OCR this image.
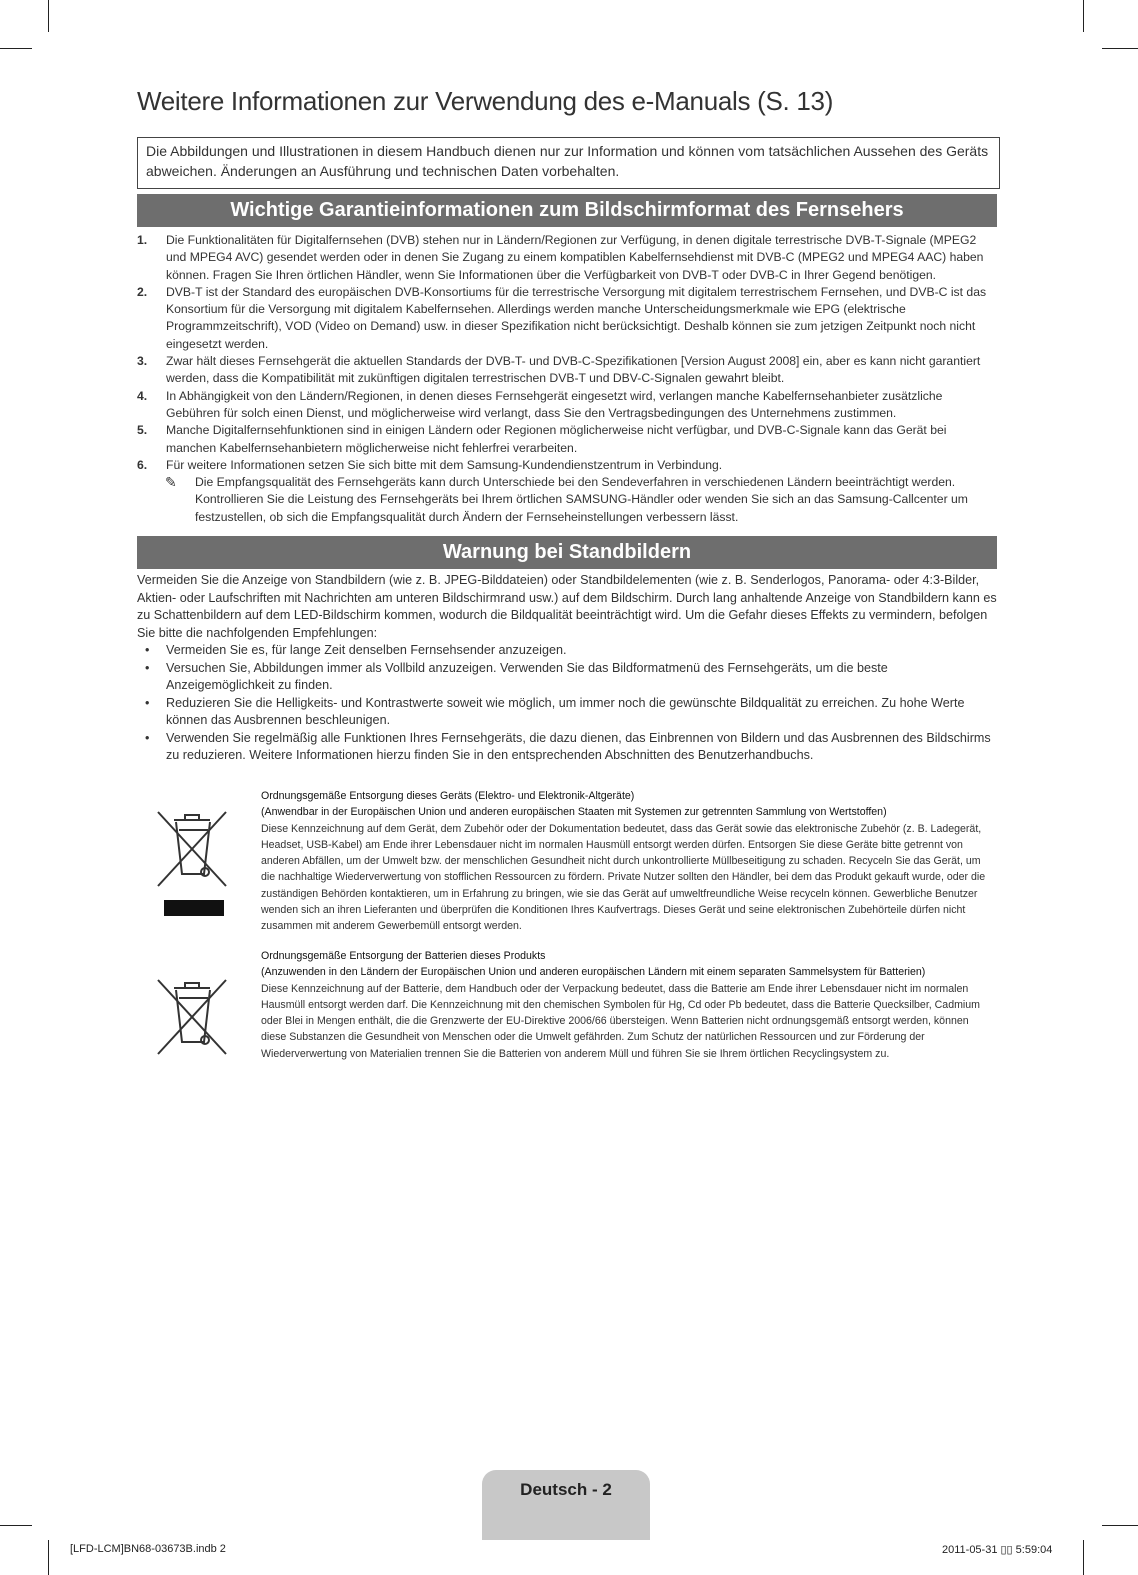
Weitere Informationen zur Verwendung des e-Manuals (S. 13)
Die Abbildungen und Illustrationen in diesem Handbuch dienen nur zur Information und können vom tatsächlichen Aussehen des Geräts abweichen. Änderungen an Ausführung und technischen Daten vorbehalten.
Wichtige Garantieinformationen zum Bildschirmformat des Fernsehers
1. Die Funktionalitäten für Digitalfernsehen (DVB) stehen nur in Ländern/Regionen zur Verfügung, in denen digitale terrestrische DVB-T-Signale (MPEG2 und MPEG4 AVC) gesendet werden oder in denen Sie Zugang zu einem kompatiblen Kabelfernsehdienst mit DVB-C (MPEG2 und MPEG4 AAC) haben können. Fragen Sie Ihren örtlichen Händler, wenn Sie Informationen über die Verfügbarkeit von DVB-T oder DVB-C in Ihrer Gegend benötigen.
2. DVB-T ist der Standard des europäischen DVB-Konsortiums für die terrestrische Versorgung mit digitalem terrestrischem Fernsehen, und DVB-C ist das Konsortium für die Versorgung mit digitalem Kabelfernsehen. Allerdings werden manche Unterscheidungsmerkmale wie EPG (elektrische Programmzeitschrift), VOD (Video on Demand) usw. in dieser Spezifikation nicht berücksichtigt. Deshalb können sie zum jetzigen Zeitpunkt noch nicht eingesetzt werden.
3. Zwar hält dieses Fernsehgerät die aktuellen Standards der DVB-T- und DVB-C-Spezifikationen [Version August 2008] ein, aber es kann nicht garantiert werden, dass die Kompatibilität mit zukünftigen digitalen terrestrischen DVB-T und DBV-C-Signalen gewahrt bleibt.
4. In Abhängigkeit von den Ländern/Regionen, in denen dieses Fernsehgerät eingesetzt wird, verlangen manche Kabelfernsehanbieter zusätzliche Gebühren für solch einen Dienst, und möglicherweise wird verlangt, dass Sie den Vertragsbedingungen des Unternehmens zustimmen.
5. Manche Digitalfernsehfunktionen sind in einigen Ländern oder Regionen möglicherweise nicht verfügbar, und DVB-C-Signale kann das Gerät bei manchen Kabelfernsehanbietern möglicherweise nicht fehlerfrei verarbeiten.
6. Für weitere Informationen setzen Sie sich bitte mit dem Samsung-Kundendienstzentrum in Verbindung.
✎ Die Empfangsqualität des Fernsehgeräts kann durch Unterschiede bei den Sendeverfahren in verschiedenen Ländern beeinträchtigt werden. Kontrollieren Sie die Leistung des Fernsehgeräts bei Ihrem örtlichen SAMSUNG-Händler oder wenden Sie sich an das Samsung-Callcenter um festzustellen, ob sich die Empfangsqualität durch Ändern der Fernseheinstellungen verbessern lässt.
Warnung bei Standbildern
Vermeiden Sie die Anzeige von Standbildern (wie z. B. JPEG-Bilddateien) oder Standbildelementen (wie z. B. Senderlogos, Panorama- oder 4:3-Bilder, Aktien- oder Laufschriften mit Nachrichten am unteren Bildschirmrand usw.) auf dem Bildschirm. Durch lang anhaltende Anzeige von Standbildern kann es zu Schattenbildern auf dem LED-Bildschirm kommen, wodurch die Bildqualität beeinträchtigt wird. Um die Gefahr dieses Effekts zu vermindern, befolgen Sie bitte die nachfolgenden Empfehlungen:
• Vermeiden Sie es, für lange Zeit denselben Fernsehsender anzuzeigen.
• Versuchen Sie, Abbildungen immer als Vollbild anzuzeigen. Verwenden Sie das Bildformatmenü des Fernsehgeräts, um die beste Anzeigemöglichkeit zu finden.
• Reduzieren Sie die Helligkeits- und Kontrastwerte soweit wie möglich, um immer noch die gewünschte Bildqualität zu erreichen. Zu hohe Werte können das Ausbrennen beschleunigen.
• Verwenden Sie regelmäßig alle Funktionen Ihres Fernsehgeräts, die dazu dienen, das Einbrennen von Bildern und das Ausbrennen des Bildschirms zu reduzieren. Weitere Informationen hierzu finden Sie in den entsprechenden Abschnitten des Benutzerhandbuchs.
Ordnungsgemäße Entsorgung dieses Geräts (Elektro- und Elektronik-Altgeräte)
(Anwendbar in der Europäischen Union und anderen europäischen Staaten mit Systemen zur getrennten Sammlung von Wertstoffen)
Diese Kennzeichnung auf dem Gerät, dem Zubehör oder der Dokumentation bedeutet, dass das Gerät sowie das elektronische Zubehör (z. B. Ladegerät, Headset, USB-Kabel) am Ende ihrer Lebensdauer nicht im normalen Hausmüll entsorgt werden dürfen. Entsorgen Sie diese Geräte bitte getrennt von anderen Abfällen, um der Umwelt bzw. der menschlichen Gesundheit nicht durch unkontrollierte Müllbeseitigung zu schaden. Recyceln Sie das Gerät, um die nachhaltige Wiederverwertung von stofflichen Ressourcen zu fördern. Private Nutzer sollten den Händler, bei dem das Produkt gekauft wurde, oder die zuständigen Behörden kontaktieren, um in Erfahrung zu bringen, wie sie das Gerät auf umweltfreundliche Weise recyceln können. Gewerbliche Benutzer wenden sich an ihren Lieferanten und überprüfen die Konditionen Ihres Kaufvertrags. Dieses Gerät und seine elektronischen Zubehörteile dürfen nicht zusammen mit anderem Gewerbemüll entsorgt werden.
Ordnungsgemäße Entsorgung der Batterien dieses Produkts
(Anzuwenden in den Ländern der Europäischen Union und anderen europäischen Ländern mit einem separaten Sammelsystem für Batterien)
Diese Kennzeichnung auf der Batterie, dem Handbuch oder der Verpackung bedeutet, dass die Batterie am Ende ihrer Lebensdauer nicht im normalen Hausmüll entsorgt werden darf. Die Kennzeichnung mit den chemischen Symbolen für Hg, Cd oder Pb bedeutet, dass die Batterie Quecksilber, Cadmium oder Blei in Mengen enthält, die die Grenzwerte der EU-Direktive 2006/66 übersteigen. Wenn Batterien nicht ordnungsgemäß entsorgt werden, können diese Substanzen die Gesundheit von Menschen oder die Umwelt gefährden. Zum Schutz der natürlichen Ressourcen und zur Förderung der Wiederverwertung von Materialien trennen Sie die Batterien von anderem Müll und führen Sie sie Ihrem örtlichen Recyclingsystem zu.
Deutsch - 2
[LFD-LCM]BN68-03673B.indb 2	2011-05-31 ▯▯ 5:59:04
